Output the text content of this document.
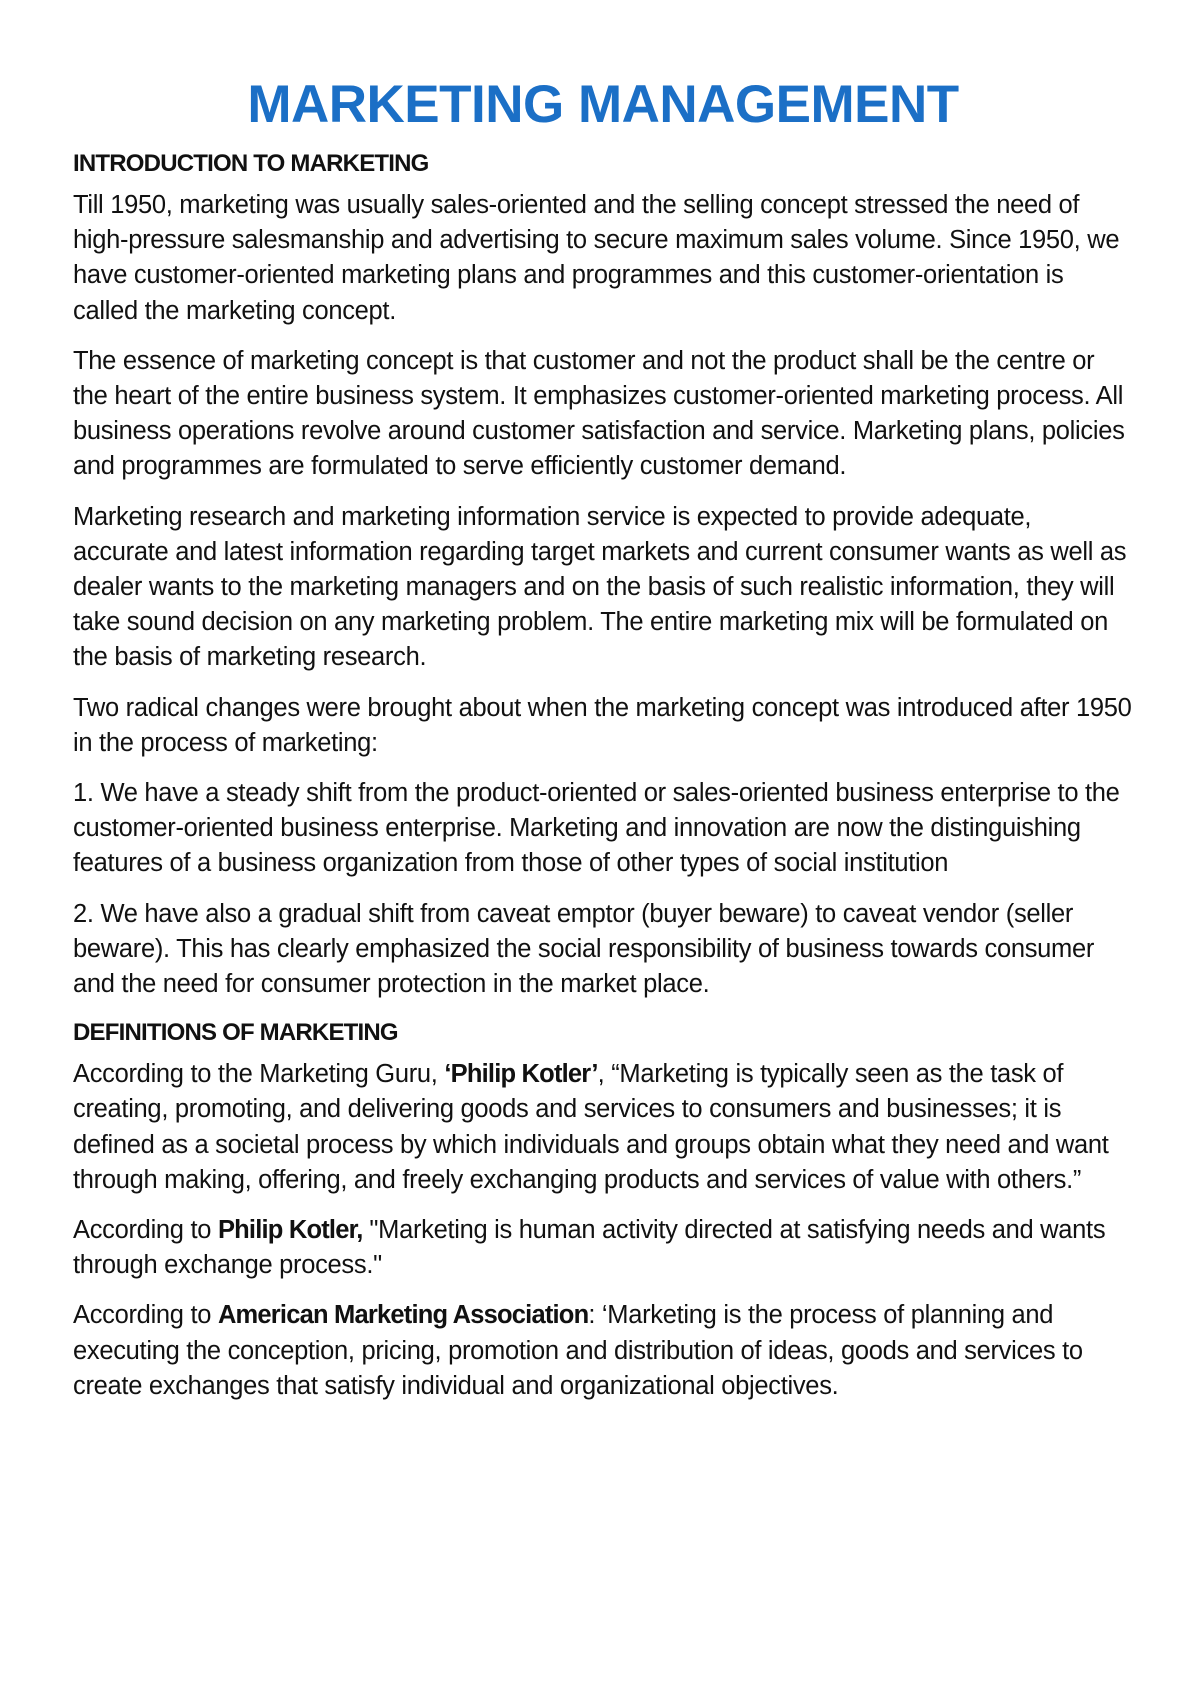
MARKETING MANAGEMENT
INTRODUCTION TO MARKETING

Till 1950, marketing was usually sales-oriented and the selling concept stressed the need of high-pressure salesmanship and advertising to secure maximum sales volume. Since 1950, we have customer-oriented marketing plans and programmes and this customer-orientation is called the marketing concept.

The essence of marketing concept is that customer and not the product shall be the centre or the heart of the entire business system. It emphasizes customer-oriented marketing process. All business operations revolve around customer satisfaction and service. Marketing plans, policies and programmes are formulated to serve efficiently customer demand.

Marketing research and marketing information service is expected to provide adequate, accurate and latest information regarding target markets and current consumer wants as well as dealer wants to the marketing managers and on the basis of such realistic information, they will take sound decision on any marketing problem. The entire marketing mix will be formulated on the basis of marketing research.

Two radical changes were brought about when the marketing concept was introduced after 1950 in the process of marketing:

1. We have a steady shift from the product-oriented or sales-oriented business enterprise to the customer-oriented business enterprise. Marketing and innovation are now the distinguishing features of a business organization from those of other types of social institution

2. We have also a gradual shift from caveat emptor (buyer beware) to caveat vendor (seller beware). This has clearly emphasized the social responsibility of business towards consumer and the need for consumer protection in the market place.

DEFINITIONS OF MARKETING

According to the Marketing Guru, ‘Philip Kotler’, “Marketing is typically seen as the task of creating, promoting, and delivering goods and services to consumers and businesses; it is defined as a societal process by which individuals and groups obtain what they need and want through making, offering, and freely exchanging products and services of value with others.”

According to Philip Kotler, "Marketing is human activity directed at satisfying needs and wants through exchange process."

According to American Marketing Association: ‘Marketing is the process of planning and executing the conception, pricing, promotion and distribution of ideas, goods and services to create exchanges that satisfy individual and organizational objectives.
